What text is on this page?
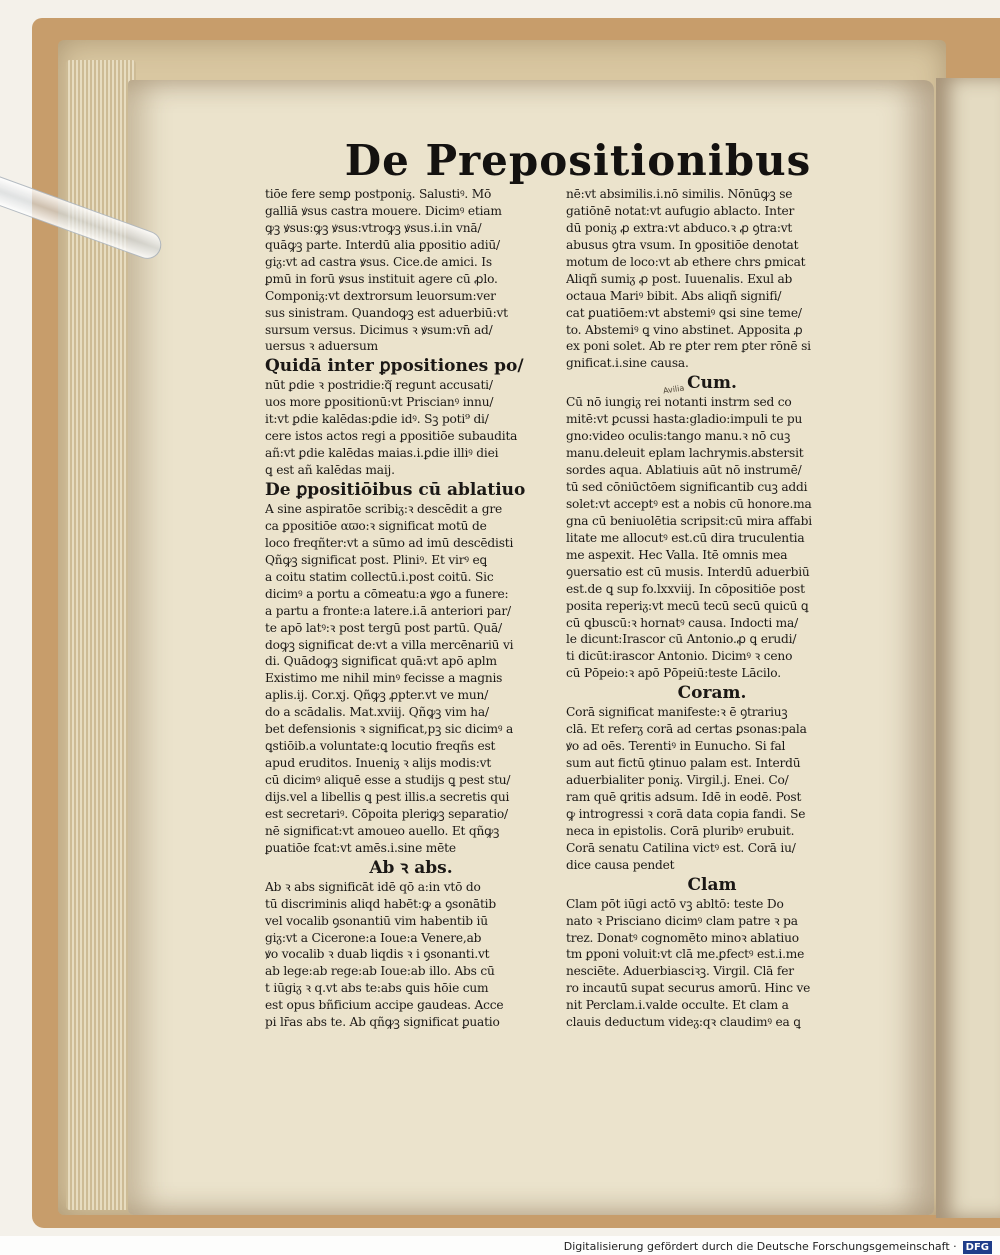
De Prepositionibus
tiōe fere semꝑ postponiᵹ. Salustiꝰ. Mō
galliā ꝟsus castra mouere. Dicimꝰ etiam
ꝙꝫ ꝟsus:ꝙꝫ ꝟsus:vtroꝙꝫ ꝟsus.i.in vnā/
quāꝙꝫ parte. Interdū alia ꝑpositio adiū/
giᵹ:vt ad castra ꝟsus. Cice.de amici. Is
ꝑmū in forū ꝟsus instituit agere cū ꝓlo.
Componiᵹ:vt dextrorsum leuorsum:ver
sus sinistram. Quandoꝙꝫ est aduerbiū:vt
sursum versus. Dicimus ꝛ ꝟsum:vn̄ ad/
uersus ꝛ aduersum
Quidā inter ꝑpositiones po/
nūt ꝑdie ꝛ postridie:qᷓ regunt accusati/
uos more ꝑpositionū:vt Priscianꝰ innu/
it:vt ꝑdie kalēdas:ꝑdie idꝰ. Sꝫ poti⁹ di/
cere istos actos regi a ꝑpositiōe subaudita
añ:vt ꝑdie kalēdas maias.i.ꝑdie illiꝰ diei
ꝗ est añ kalēdas maij.
De ꝑpositiōibus cū ablatiuo
A sine aspiratōe scribiᵹ:ꝛ descēdit a gre
ca ꝑpositiōe αϖο:ꝛ significat motū de
loco freqñter:vt a sūmo ad imū descēdisti
Qñꝙꝫ significat post. Pliniꝰ. Et virꝰ eꝗ
a coitu statim collectū.i.post coitū. Sic
dicimꝰ a portu a cōmeatu:a ꝟgo a funere:
a partu a fronte:a latere.i.ā anteriori par/
te apō latꝰ:ꝛ post tergū post partū. Quā/
doꝙꝫ significat de:vt a villa mercēnariū vi
di. Quādoꝙꝫ significat quā:vt apō aplm
Existimo me nihil minꝰ fecisse a magnis
aplis.ij. Cor.xj. Qñꝙꝫ ꝓpter.vt ve mun/
do a scādalis. Mat.xviij. Qñꝙꝫ vim ha/
bet defensionis ꝛ significat,pꝫ sic dicimꝰ a
ꝗstiōib.a voluntate:ꝗ locutio freqñs est
apud eruditos. Inueniᵹ ꝛ alijs modis:vt
cū dicimꝰ aliquē esse a studijs ꝗ pest stu/
dijs.vel a libellis ꝗ pest illis.a secretis qui
est secretariꝰ. Cōpoita pleriꝙꝫ separatio/
nē significat:vt amoueo auello. Et qñꝙꝫ
ꝑuatiōe fcat:vt amēs.i.sine mēte
Ab ꝛ abs.
Ab ꝛ abs significāt idē qō a:in vtō do
tū discriminis aliqd habēt:ꝙ a ꝯsonātib
vel vocalib ꝯsonantiū vim habentib iū
giᵹ:vt a Cicerone:a Ioue:a Venere,ab
ꝟo vocalib ꝛ duab liqdis ꝛ i ꝯsonanti.vt
ab lege:ab rege:ab Ioue:ab illo. Abs cū
t iūgiᵹ ꝛ q.vt abs te:abs ꝗuis hōie cum
est opus bñficium accipe gaudeas. Acce
pi lr̄as abs te. Ab qñꝙꝫ significat ꝑuatio
nē:vt absimilis.i.nō similis. Nōnūꝙꝫ se
gatiōnē notat:vt aufugio ablacto. Inter
dū poniᵹ ꝓ extra:vt abduco.ꝛ ꝓ ꝯtra:vt
abusus ꝯtra vsum. In ꝯpositiōe denotat
motum de loco:vt ab ethere chrs ꝑmicat
Aliqñ sumiᵹ ꝓ post. Iuuenalis. Exul ab
octaua Mariꝰ bibit. Abs aliqñ signifi/
cat ꝑuatiōem:vt abstemiꝰ ꝗsi sine teme/
to. Abstemiꝰ ꝗ vino abstinet. Apposita ꝓ
ex poni solet. Ab re ꝑter rem ꝑter rōnē si
gnificat.i.sine causa.
Cum.
Cū nō iungiᵹ rei notanti instrm sed co
mitē:vt ꝑcussi hasta:gladio:impuli te pu
gno:video oculis:tango manu.ꝛ nō cuꝫ
manu.deleuit eplam lachrymis.abstersit
sordes aqua. Ablatiuis aūt nō instrumē/
tū sed cōniūctōem significantib cuꝫ addi
solet:vt acceptꝰ est a nobis cū honore.ma
gna cū beniuolētia scripsit:cū mira affabi
litate me allocutꝰ est.cū dira truculentia
me aspexit. Hec Valla. Itē omnis mea
ꝯuersatio est cū musis. Interdū aduerbiū
est.de ꝗ sup fo.lxxviij. In cōpositiōe post
posita reperiᵹ:vt mecū tecū secū quicū ꝗ
cū ꝗbuscū:ꝛ hornatꝰ causa. Indocti ma/
le dicunt:Irascor cū Antonio.ꝓ ꝗ erudi/
ti dicūt:irascor Antonio. Dicimꝰ ꝛ ceno
cū Pōpeio:ꝛ apō Pōpeiū:teste Lācilo.
Coram.
Corā significat manifeste:ꝛ ē ꝯtrariuꝫ
clā. Et referᵹ corā ad certas ꝑsonas:pala
ꝟo ad oēs. Terentiꝰ in Eunucho. Si fal
sum aut fictū ꝯtinuo palam est. Interdū
aduerbialiter poniᵹ. Virgil.j. Enei. Co/
ram quē ꝗritis adsum. Idē in eodē. Post
ꝙ introgressi ꝛ corā data copia fandi. Se
neca in epistolis. Corā pluribꝰ erubuit.
Corā senatu Catilina victꝰ est. Corā iu/
dice causa pendet
Clam
Clam pōt iūgi actō vꝫ abltō: teste Do
nato ꝛ Prisciano dicimꝰ clam patre ꝛ pa
trez. Donatꝰ cognomēto minoꝛ ablatiuo
tm ꝑponi voluit:vt clā me.ꝑfectꝰ est.i.me
nesciēte. Aduerbiasciꝛꝫ. Virgil. Clā fer
ro incautū supat securus amorū. Hinc ve
nit Perclam.i.valde occulte. Et clam a
clauis deductum videᵹ:qꝛ claudimꝰ ea ꝗ
Avilia
Digitalisierung gefördert durch die Deutsche Forschungsgemeinschaft · DFG
